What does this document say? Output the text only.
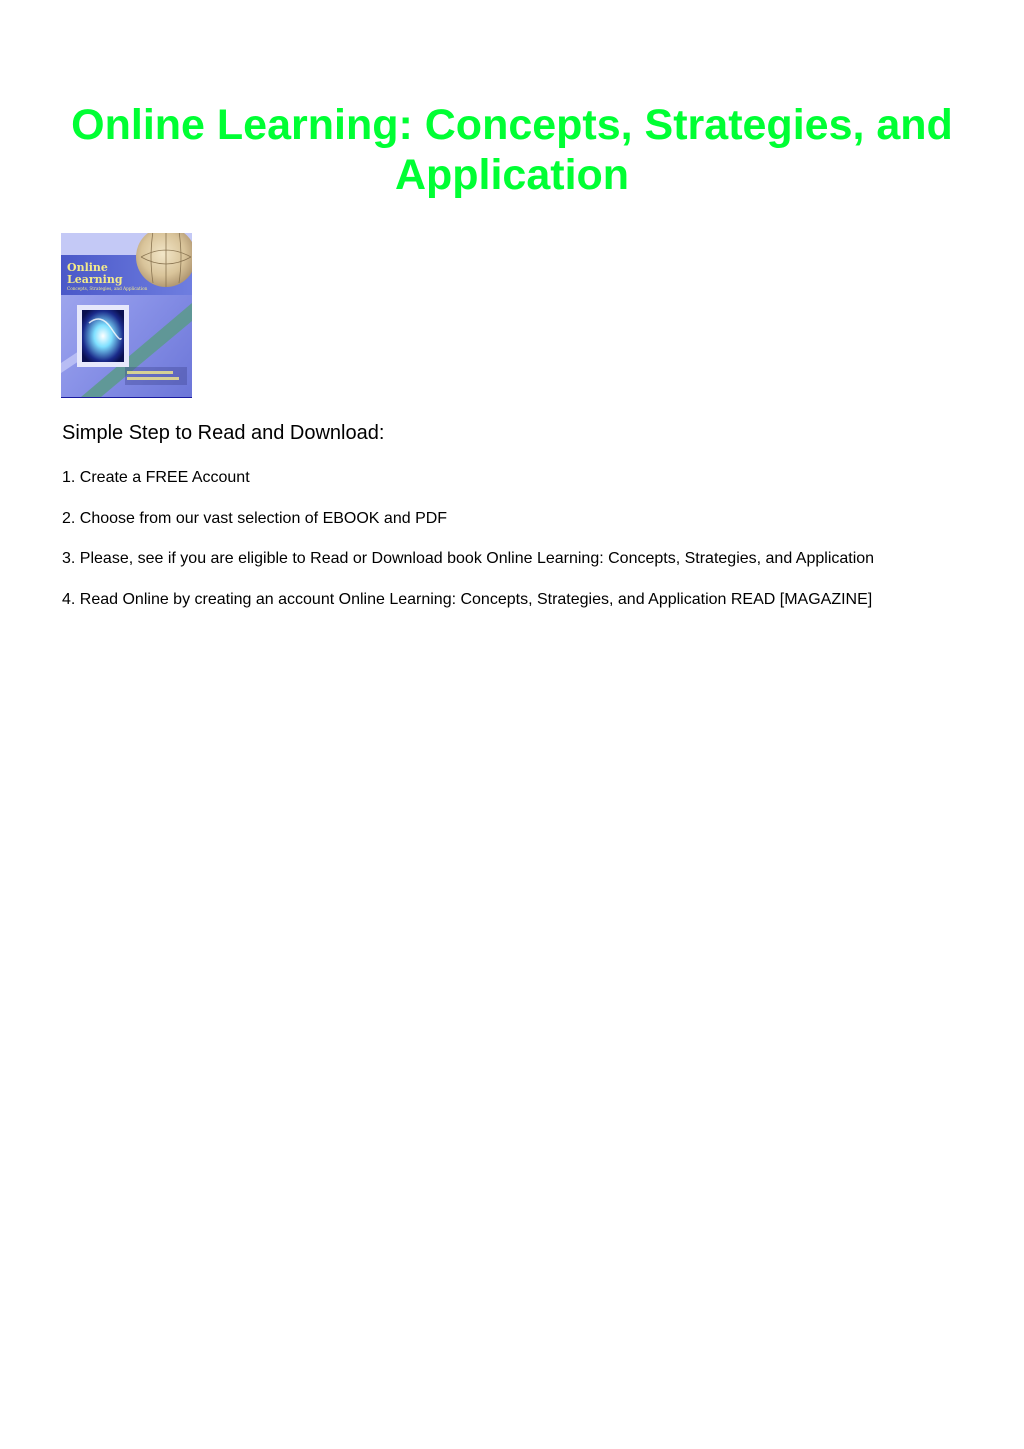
Online Learning: Concepts, Strategies, and Application
Online
Learning
Concepts, Strategies, and Application
Simple Step to Read and Download:
1. Create a FREE Account
2. Choose from our vast selection of EBOOK and PDF
3. Please, see if you are eligible to Read or Download book Online Learning: Concepts, Strategies, and Application
4. Read Online by creating an account Online Learning: Concepts, Strategies, and Application READ [MAGAZINE]
